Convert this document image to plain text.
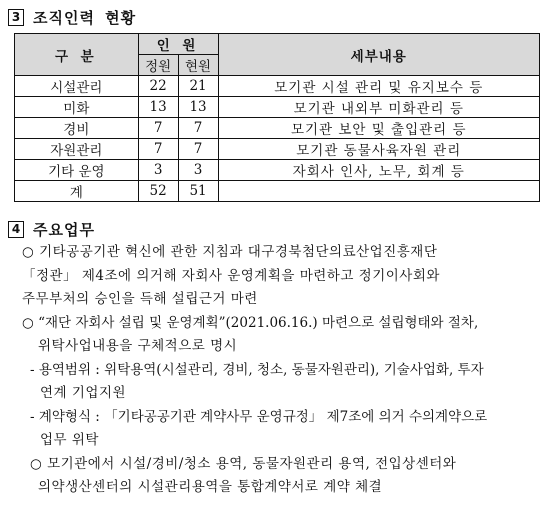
3 조직인력 현황
구 분	인 원		세부내용
	정원	현원	
시설관리	22	21	모기관 시설 관리 및 유지보수 등
미화	13	13	모기관 내외부 미화관리 등
경비	7	7	모기관 보안 및 출입관리 등
자원관리	7	7	모기관 동물사육자원 관리
기타 운영	3	3	자회사 인사, 노무, 회계 등
계	52	51	
4 주요업무
○ 기타공공기관 혁신에 관한 지침과 대구경북첨단의료산업진흥재단
「정관」 제4조에 의거해 자회사 운영계획을 마련하고 정기이사회와
주무부처의 승인을 득해 설립근거 마련
○ “재단 자회사 설립 및 운영계획”(2021.06.16.) 마련으로 설립형태와 절차,
위탁사업내용을 구체적으로 명시
- 용역범위 : 위탁용역(시설관리, 경비, 청소, 동물자원관리), 기술사업화, 투자
연계 기업지원
- 계약형식 : 「기타공공기관 계약사무 운영규정」 제7조에 의거 수의계약으로
업무 위탁
○ 모기관에서 시설/경비/청소 용역, 동물자원관리 용역, 전입상센터와
의약생산센터의 시설관리용역을 통합계약서로 계약 체결
